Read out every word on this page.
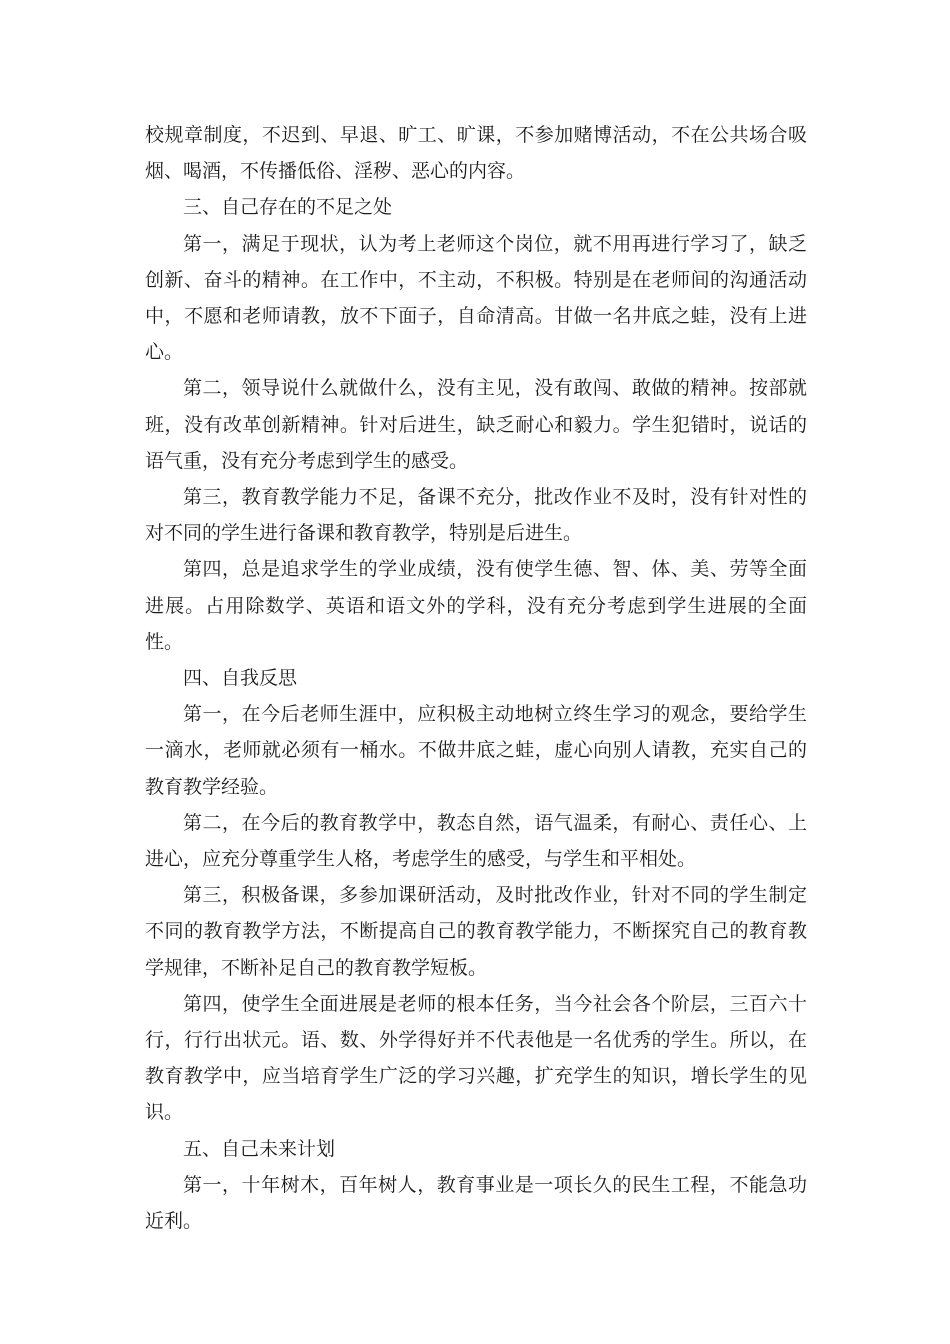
校规章制度，不迟到、早退、旷工、旷课，不参加赌博活动，不在公共场合吸烟、喝酒，不传播低俗、淫秽、恶心的内容。

三、自己存在的不足之处

第一，满足于现状，认为考上老师这个岗位，就不用再进行学习了，缺乏创新、奋斗的精神。在工作中，不主动，不积极。特别是在老师间的沟通活动中，不愿和老师请教，放不下面子，自命清高。甘做一名井底之蛙，没有上进心。

第二，领导说什么就做什么，没有主见，没有敢闯、敢做的精神。按部就班，没有改革创新精神。针对后进生，缺乏耐心和毅力。学生犯错时，说话的语气重，没有充分考虑到学生的感受。

第三，教育教学能力不足，备课不充分，批改作业不及时，没有针对性的对不同的学生进行备课和教育教学，特别是后进生。

第四，总是追求学生的学业成绩，没有使学生德、智、体、美、劳等全面进展。占用除数学、英语和语文外的学科，没有充分考虑到学生进展的全面性。

四、自我反思

第一，在今后老师生涯中，应积极主动地树立终生学习的观念，要给学生一滴水，老师就必须有一桶水。不做井底之蛙，虚心向别人请教，充实自己的教育教学经验。

第二，在今后的教育教学中，教态自然，语气温柔，有耐心、责任心、上进心，应充分尊重学生人格，考虑学生的感受，与学生和平相处。

第三，积极备课，多参加课研活动，及时批改作业，针对不同的学生制定不同的教育教学方法，不断提高自己的教育教学能力，不断探究自己的教育教学规律，不断补足自己的教育教学短板。

第四，使学生全面进展是老师的根本任务，当今社会各个阶层，三百六十行，行行出状元。语、数、外学得好并不代表他是一名优秀的学生。所以，在教育教学中，应当培育学生广泛的学习兴趣，扩充学生的知识，增长学生的见识。

五、自己未来计划

第一，十年树木，百年树人，教育事业是一项长久的民生工程，不能急功近利。
